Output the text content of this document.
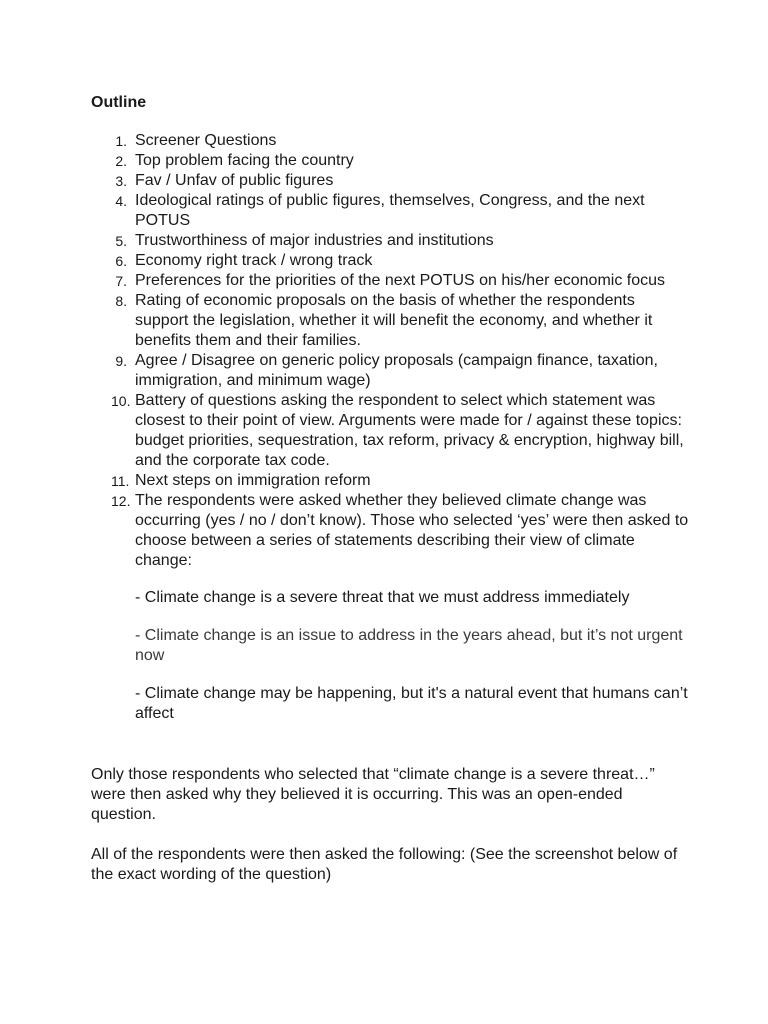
Outline
1. Screener Questions
2. Top problem facing the country
3. Fav / Unfav of public figures
4. Ideological ratings of public figures, themselves, Congress, and the next POTUS
5. Trustworthiness of major industries and institutions
6. Economy right track / wrong track
7. Preferences for the priorities of the next POTUS on his/her economic focus
8. Rating of economic proposals on the basis of whether the respondents support the legislation, whether it will benefit the economy, and whether it benefits them and their families.
9. Agree / Disagree on generic policy proposals (campaign finance, taxation, immigration, and minimum wage)
10. Battery of questions asking the respondent to select which statement was closest to their point of view. Arguments were made for / against these topics: budget priorities, sequestration, tax reform, privacy & encryption, highway bill, and the corporate tax code.
11. Next steps on immigration reform
12. The respondents were asked whether they believed climate change was occurring (yes / no / don’t know). Those who selected ‘yes’ were then asked to choose between a series of statements describing their view of climate change:
- Climate change is a severe threat that we must address immediately
- Climate change is an issue to address in the years ahead, but it’s not urgent now
- Climate change may be happening, but it's a natural event that humans can’t affect
Only those respondents who selected that “climate change is a severe threat…” were then asked why they believed it is occurring. This was an open-ended question.
All of the respondents were then asked the following: (See the screenshot below of the exact wording of the question)
